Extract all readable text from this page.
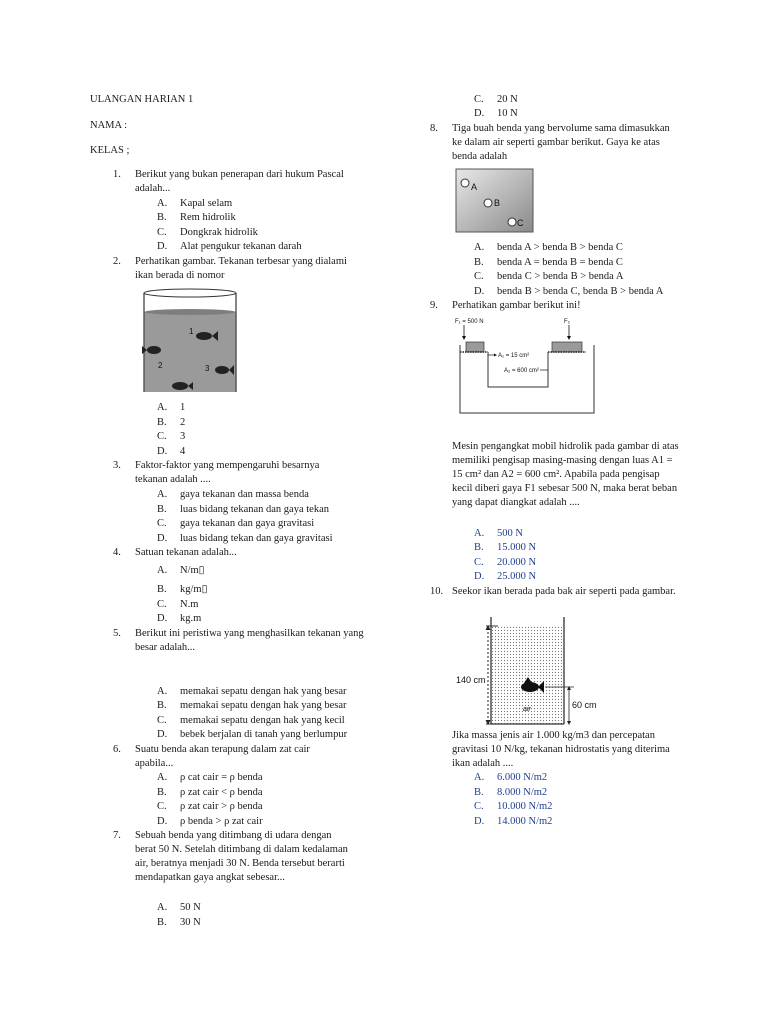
ULANGAN HARIAN 1
NAMA :
KELAS ;
1. Berikut yang bukan penerapan dari hukum Pascal adalah...
A. Kapal selam
B. Rem hidrolik
C. Dongkrak hidrolik
D. Alat pengukur tekanan darah
2. Perhatikan gambar. Tekanan terbesar yang dialami ikan berada di nomor
1
2	3
A. 1
B. 2
C. 3
D. 4
3. Faktor-faktor yang mempengaruhi besarnya tekanan adalah ....
A. gaya tekanan dan massa benda
B. luas bidang tekanan dan gaya tekan
C. gaya tekanan dan gaya gravitasi
D. luas bidang tekan dan gaya gravitasi
4. Satuan tekanan adalah...
A. N/m▯
B. kg/m▯
C. N.m
D. kg.m
5. Berikut ini peristiwa yang menghasilkan tekanan yang besar adalah...
A. memakai sepatu dengan hak yang besar
B. memakai sepatu dengan hak yang besar
C. memakai sepatu dengan hak yang kecil
D. bebek berjalan di tanah yang berlumpur
6. Suatu benda akan terapung dalam zat cair apabila...
A. ρ cat cair = ρ benda
B. ρ zat cair < ρ benda
C. ρ zat cair > ρ benda
D. ρ benda > ρ zat cair
7. Sebuah benda yang ditimbang di udara dengan berat 50 N. Setelah ditimbang di dalam kedalaman air, beratnya menjadi 30 N. Benda tersebut berarti mendapatkan gaya angkat sebesar...
A. 50 N
B. 30 N
C. 20 N
D. 10 N
8. Tiga buah benda yang bervolume sama dimasukkan ke dalam air seperti gambar berikut. Gaya ke atas benda adalah
A
B
C
A. benda A > benda B > benda C
B. benda A = benda B = benda C
C. benda C > benda B > benda A
D. benda B > benda C, benda B > benda A
9. Perhatikan gambar berikut ini!
F₁ = 500 N	F₂
A₁ = 15 cm²
A₂ = 600 cm²
Mesin pengangkat mobil hidrolik pada gambar di atas memiliki pengisap masing-masing dengan luas A1 = 15 cm² dan A2 = 600 cm². Apabila pada pengisap kecil diberi gaya F1 sebesar 500 N, maka berat beban yang dapat diangkat adalah ....
A. 500 N
B. 15.000 N
C. 20.000 N
D. 25.000 N
10. Seekor ikan berada pada bak air seperti pada gambar.
140 cm
60 cm
air
Jika massa jenis air 1.000 kg/m3 dan percepatan gravitasi 10 N/kg, tekanan hidrostatis yang diterima ikan adalah ....
A. 6.000 N/m2
B. 8.000 N/m2
C. 10.000 N/m2
D. 14.000 N/m2
